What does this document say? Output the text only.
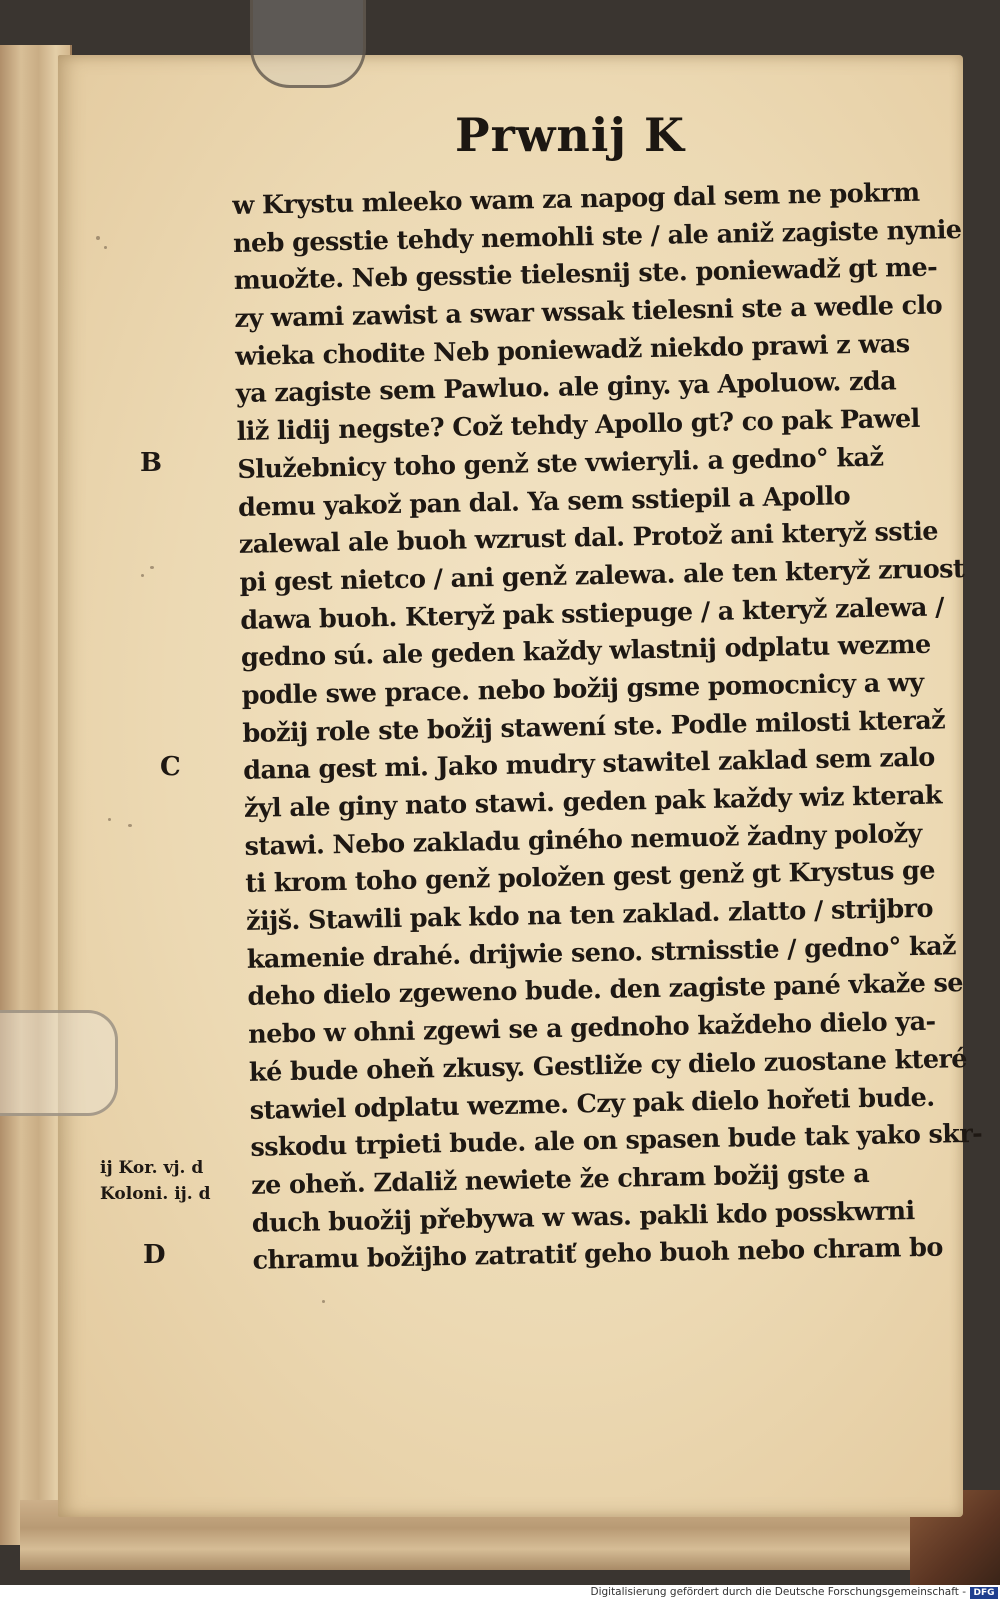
Prwnij K
w Krystu mleeko wam za napog dal sem ne pokrm
neb gesstie tehdy nemohli ste / ale aniž zagiste nynie
muožte. Neb gesstie tielesnij ste. poniewadž gt me-
zy wami zawist a swar wssak tielesni ste a wedle clo
wieka chodite Neb poniewadž niekdo prawi z was
ya zagiste sem Pawluo. ale giny. ya Apoluow. zda
liž lidij negste? Což tehdy Apollo gt? co pak Pawel
Služebnicy toho genž ste vwieryli. a gedno° kaž
demu yakož pan dal. Ya sem sstiepil a Apollo
zalewal ale buoh wzrust dal. Protož ani kteryž sstie
pi gest nietco / ani genž zalewa. ale ten kteryž zruost
dawa buoh. Kteryž pak sstiepuge / a kteryž zalewa /
gedno sú. ale geden každy wlastnij odplatu wezme
podle swe prace. nebo božij gsme pomocnicy a wy
božij role ste božij stawení ste. Podle milosti kteraž
dana gest mi. Jako mudry stawitel zaklad sem zalo
žyl ale giny nato stawi. geden pak každy wiz kterak
stawi. Nebo zakladu giného nemuož žadny položy
ti krom toho genž položen gest genž gt Krystus ge
žijš. Stawili pak kdo na ten zaklad. zlatto / strijbro
kamenie drahé. drijwie seno. strnisstie / gedno° kaž
deho dielo zgeweno bude. den zagiste pané vkaže se
nebo w ohni zgewi se a gednoho každeho dielo ya-
ké bude oheň zkusy. Gestliže cy dielo zuostane které
stawiel odplatu wezme. Czy pak dielo hořeti bude.
sskodu trpieti bude. ale on spasen bude tak yako skr-
ze oheň. Zdaliž newiete že chram božij gste a
duch buožij přebywa w was. pakli kdo posskwrni
chramu božijho zatratiť geho buoh nebo chram bo
B
C
D
ij Kor. vj. d
Koloni. ij. d
Digitalisierung gefördert durch die Deutsche Forschungsgemeinschaft - DFG
